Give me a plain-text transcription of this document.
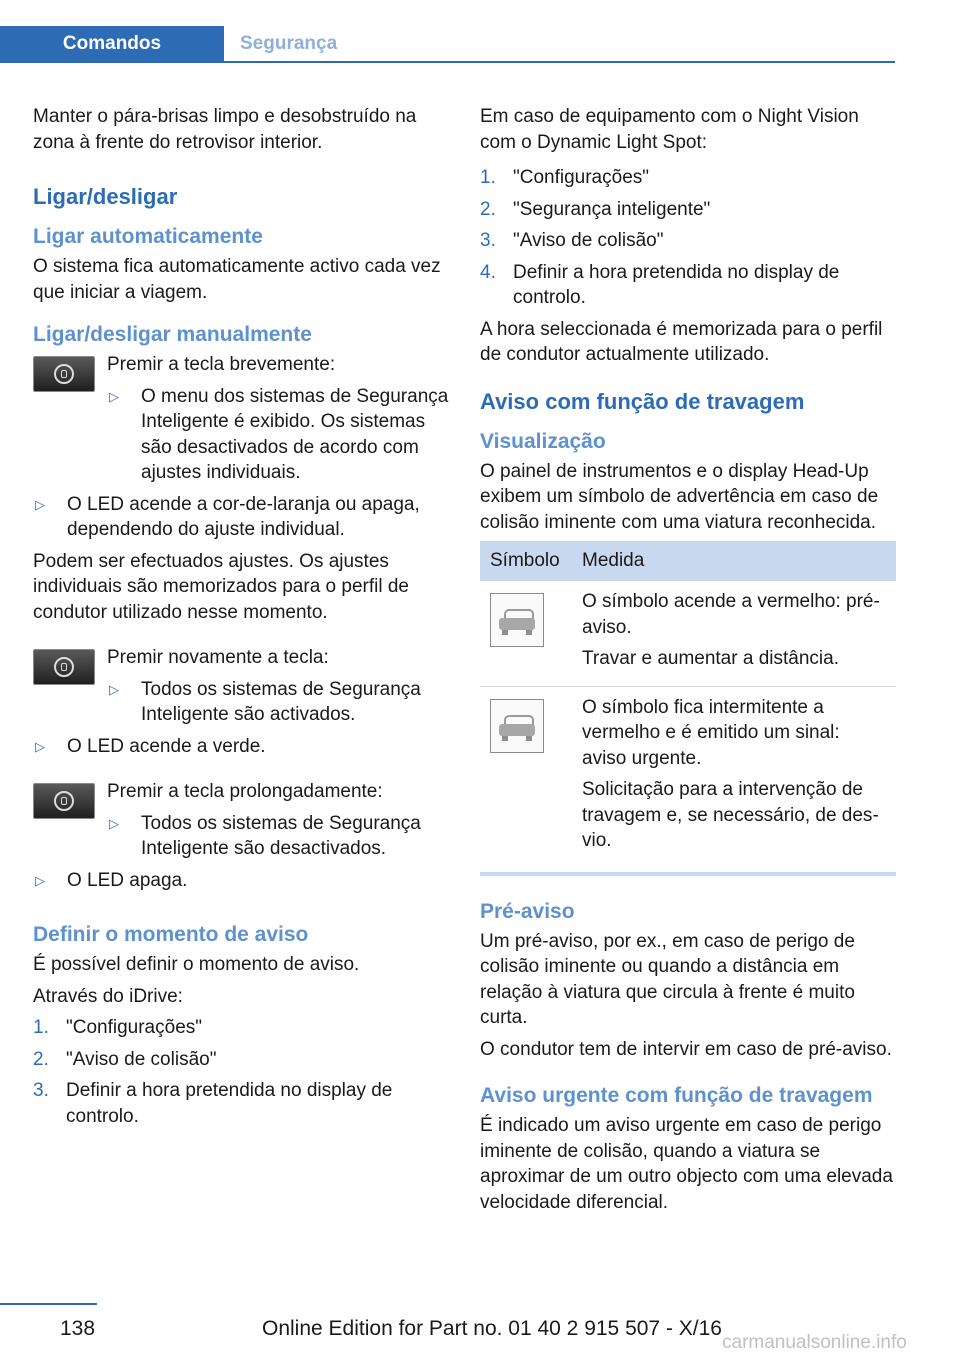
Comandos	Segurança

Manter o pára-brisas limpo e desobstruído na zona à frente do retrovisor interior.

Ligar/desligar
Ligar automaticamente

O sistema fica automaticamente activo cada vez que iniciar a viagem.

Ligar/desligar manualmente

Premir a tecla brevemente:

▷ O menu dos sistemas de Segurança Inteligente é exibido. Os sistemas são desactivados de acordo com ajustes individuais.
▷ O LED acende a cor-de-laranja ou apaga, dependendo do ajuste individual.

Podem ser efectuados ajustes. Os ajustes individuais são memorizados para o perfil de condutor utilizado nesse momento.

Premir novamente a tecla:

▷ Todos os sistemas de Segurança Inteligente são activados.
▷ O LED acende a verde.

Premir a tecla prolongadamente:

▷ Todos os sistemas de Segurança Inteligente são desactivados.
▷ O LED apaga.
Definir o momento de aviso

É possível definir o momento de aviso.

Através do iDrive:

1. "Configurações"
2. "Aviso de colisão"
3. Definir a hora pretendida no display de controlo.

Em caso de equipamento com o Night Vision com o Dynamic Light Spot:

1. "Configurações"
2. "Segurança inteligente"
3. "Aviso de colisão"
4. Definir a hora pretendida no display de controlo.

A hora seleccionada é memorizada para o perfil de condutor actualmente utilizado.

Aviso com função de travagem
Visualização

O painel de instrumentos e o display Head-Up exibem um símbolo de advertência em caso de colisão iminente com uma viatura reconhecida.

Símbolo	Medida

	O símbolo acende a vermelho: pré-aviso.

Travar e aumentar a distância.

	O símbolo fica intermitente a vermelho e é emitido um sinal: aviso urgente.

Solicitação para a intervenção de travagem e, se necessário, de desvio.

Pré-aviso

Um pré-aviso, por ex., em caso de perigo de colisão iminente ou quando a distância em relação à viatura que circula à frente é muito curta.

O condutor tem de intervir em caso de pré-aviso.

Aviso urgente com função de travagem

É indicado um aviso urgente em caso de perigo iminente de colisão, quando a viatura se aproximar de um outro objecto com uma elevada velocidade diferencial.

138	Online Edition for Part no. 01 40 2 915 507 - X/16
carmanualsonline.info
